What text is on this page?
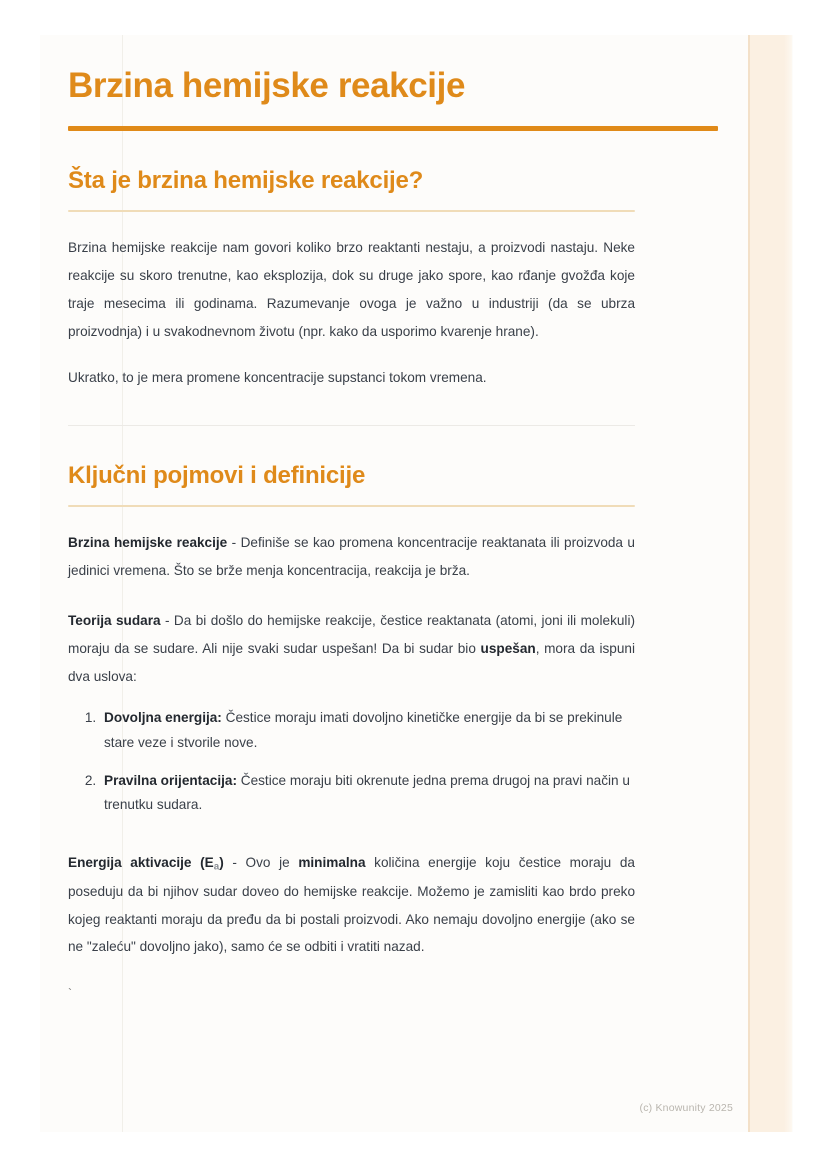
Brzina hemijske reakcije
Šta je brzina hemijske reakcije?

Brzina hemijske reakcije nam govori koliko brzo reaktanti nestaju, a proizvodi nastaju. Neke reakcije su skoro trenutne, kao eksplozija, dok su druge jako spore, kao rđanje gvožđa koje traje mesecima ili godinama. Razumevanje ovoga je važno u industriji (da se ubrza proizvodnja) i u svakodnevnom životu (npr. kako da usporimo kvarenje hrane).

Ukratko, to je mera promene koncentracije supstanci tokom vremena.

Ključni pojmovi i definicije

Brzina hemijske reakcije - Definiše se kao promena koncentracije reaktanata ili proizvoda u jedinici vremena. Što se brže menja koncentracija, reakcija je brža.

Teorija sudara - Da bi došlo do hemijske reakcije, čestice reaktanata (atomi, joni ili molekuli) moraju da se sudare. Ali nije svaki sudar uspešan! Da bi sudar bio uspešan, mora da ispuni dva uslova:

1. Dovoljna energija: Čestice moraju imati dovoljno kinetičke energije da bi se prekinule stare veze i stvorile nove.
2. Pravilna orijentacija: Čestice moraju biti okrenute jedna prema drugoj na pravi način u trenutku sudara.

Energija aktivacije $(E_a)$ - Ovo je minimalna količina energije koju čestice moraju da poseduju da bi njihov sudar doveo do hemijske reakcije. Možemo je zamisliti kao brdo preko kojeg reaktanti moraju da pređu da bi postali proizvodi. Ako nemaju dovoljno energije (ako se ne "zaleću" dovoljno jako), samo će se odbiti i vratiti nazad.

`
(c) Knowunity 2025
